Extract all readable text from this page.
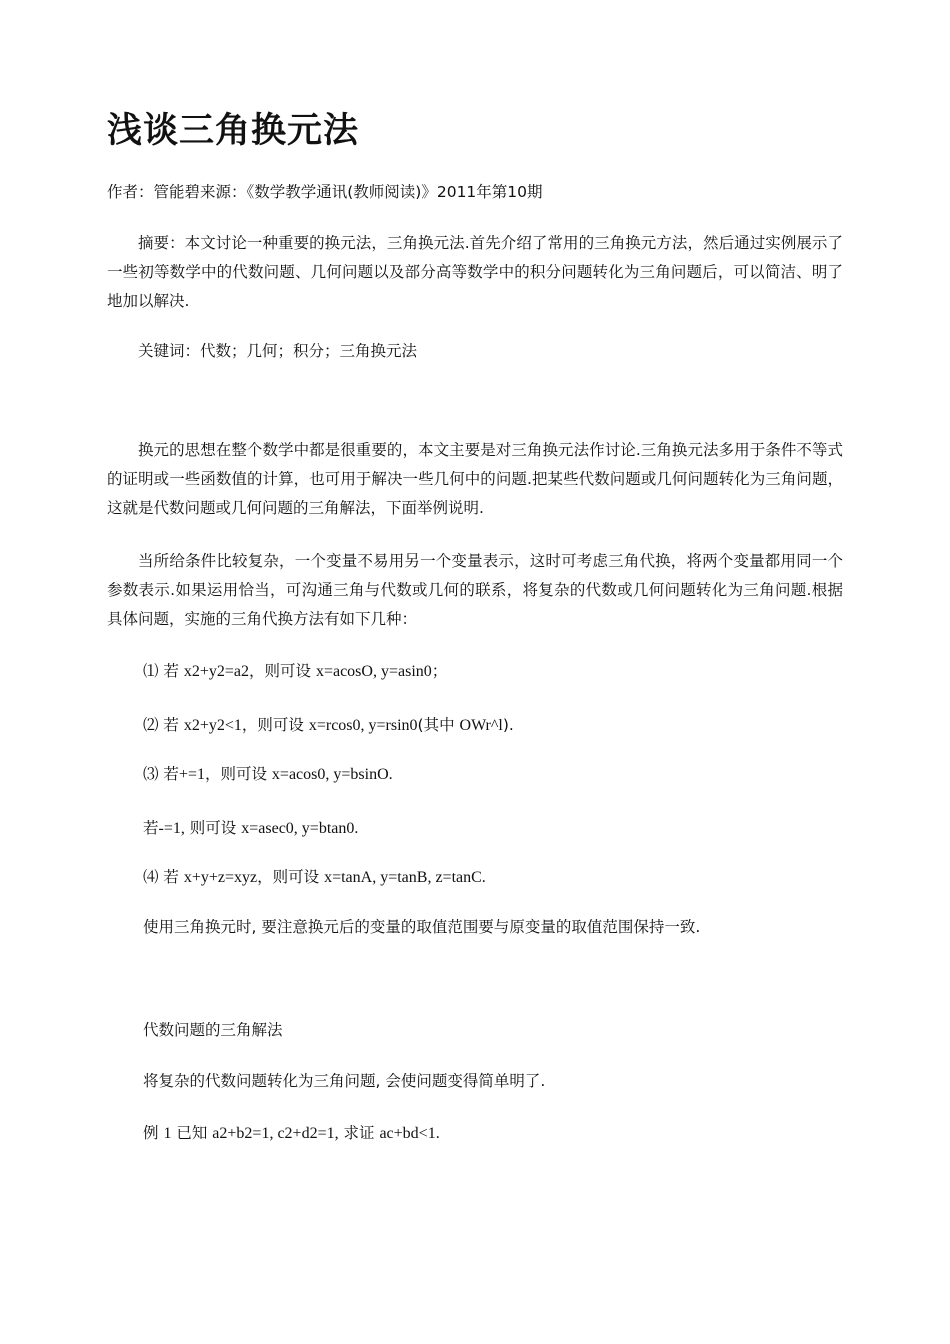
浅谈三角换元法
作者：管能碧来源：《数学教学通讯(教师阅读)》2011年第10期
摘要：本文讨论一种重要的换元法，三角换元法.首先介绍了常用的三角换元方法，然后通过实例展示了一些初等数学中的代数问题、几何问题以及部分高等数学中的积分问题转化为三角问题后，可以简洁、明了地加以解决.
关键词：代数；几何；积分；三角换元法
换元的思想在整个数学中都是很重要的，本文主要是对三角换元法作讨论.三角换元法多用于条件不等式的证明或一些函数值的计算，也可用于解决一些几何中的问题.把某些代数问题或几何问题转化为三角问题，这就是代数问题或几何问题的三角解法，下面举例说明.
当所给条件比较复杂，一个变量不易用另一个变量表示，这时可考虑三角代换，将两个变量都用同一个参数表示.如果运用恰当，可沟通三角与代数或几何的联系，将复杂的代数或几何问题转化为三角问题.根据具体问题，实施的三角代换方法有如下几种：
⑴ 若 x2+y2=a2，则可设 x=acosO, y=asin0；
⑵ 若 x2+y2<1，则可设 x=rcos0, y=rsin0(其中 OWr^l).
⑶ 若+=1，则可设 x=acos0, y=bsinO.
若-=1, 则可设 x=asec0, y=btan0.
⑷ 若 x+y+z=xyz，则可设 x=tanA, y=tanB, z=tanC.
使用三角换元时, 要注意换元后的变量的取值范围要与原变量的取值范围保持一致.
代数问题的三角解法
将复杂的代数问题转化为三角问题, 会使问题变得简单明了.
例 1 已知 a2+b2=1, c2+d2=1, 求证 ac+bd<1.
